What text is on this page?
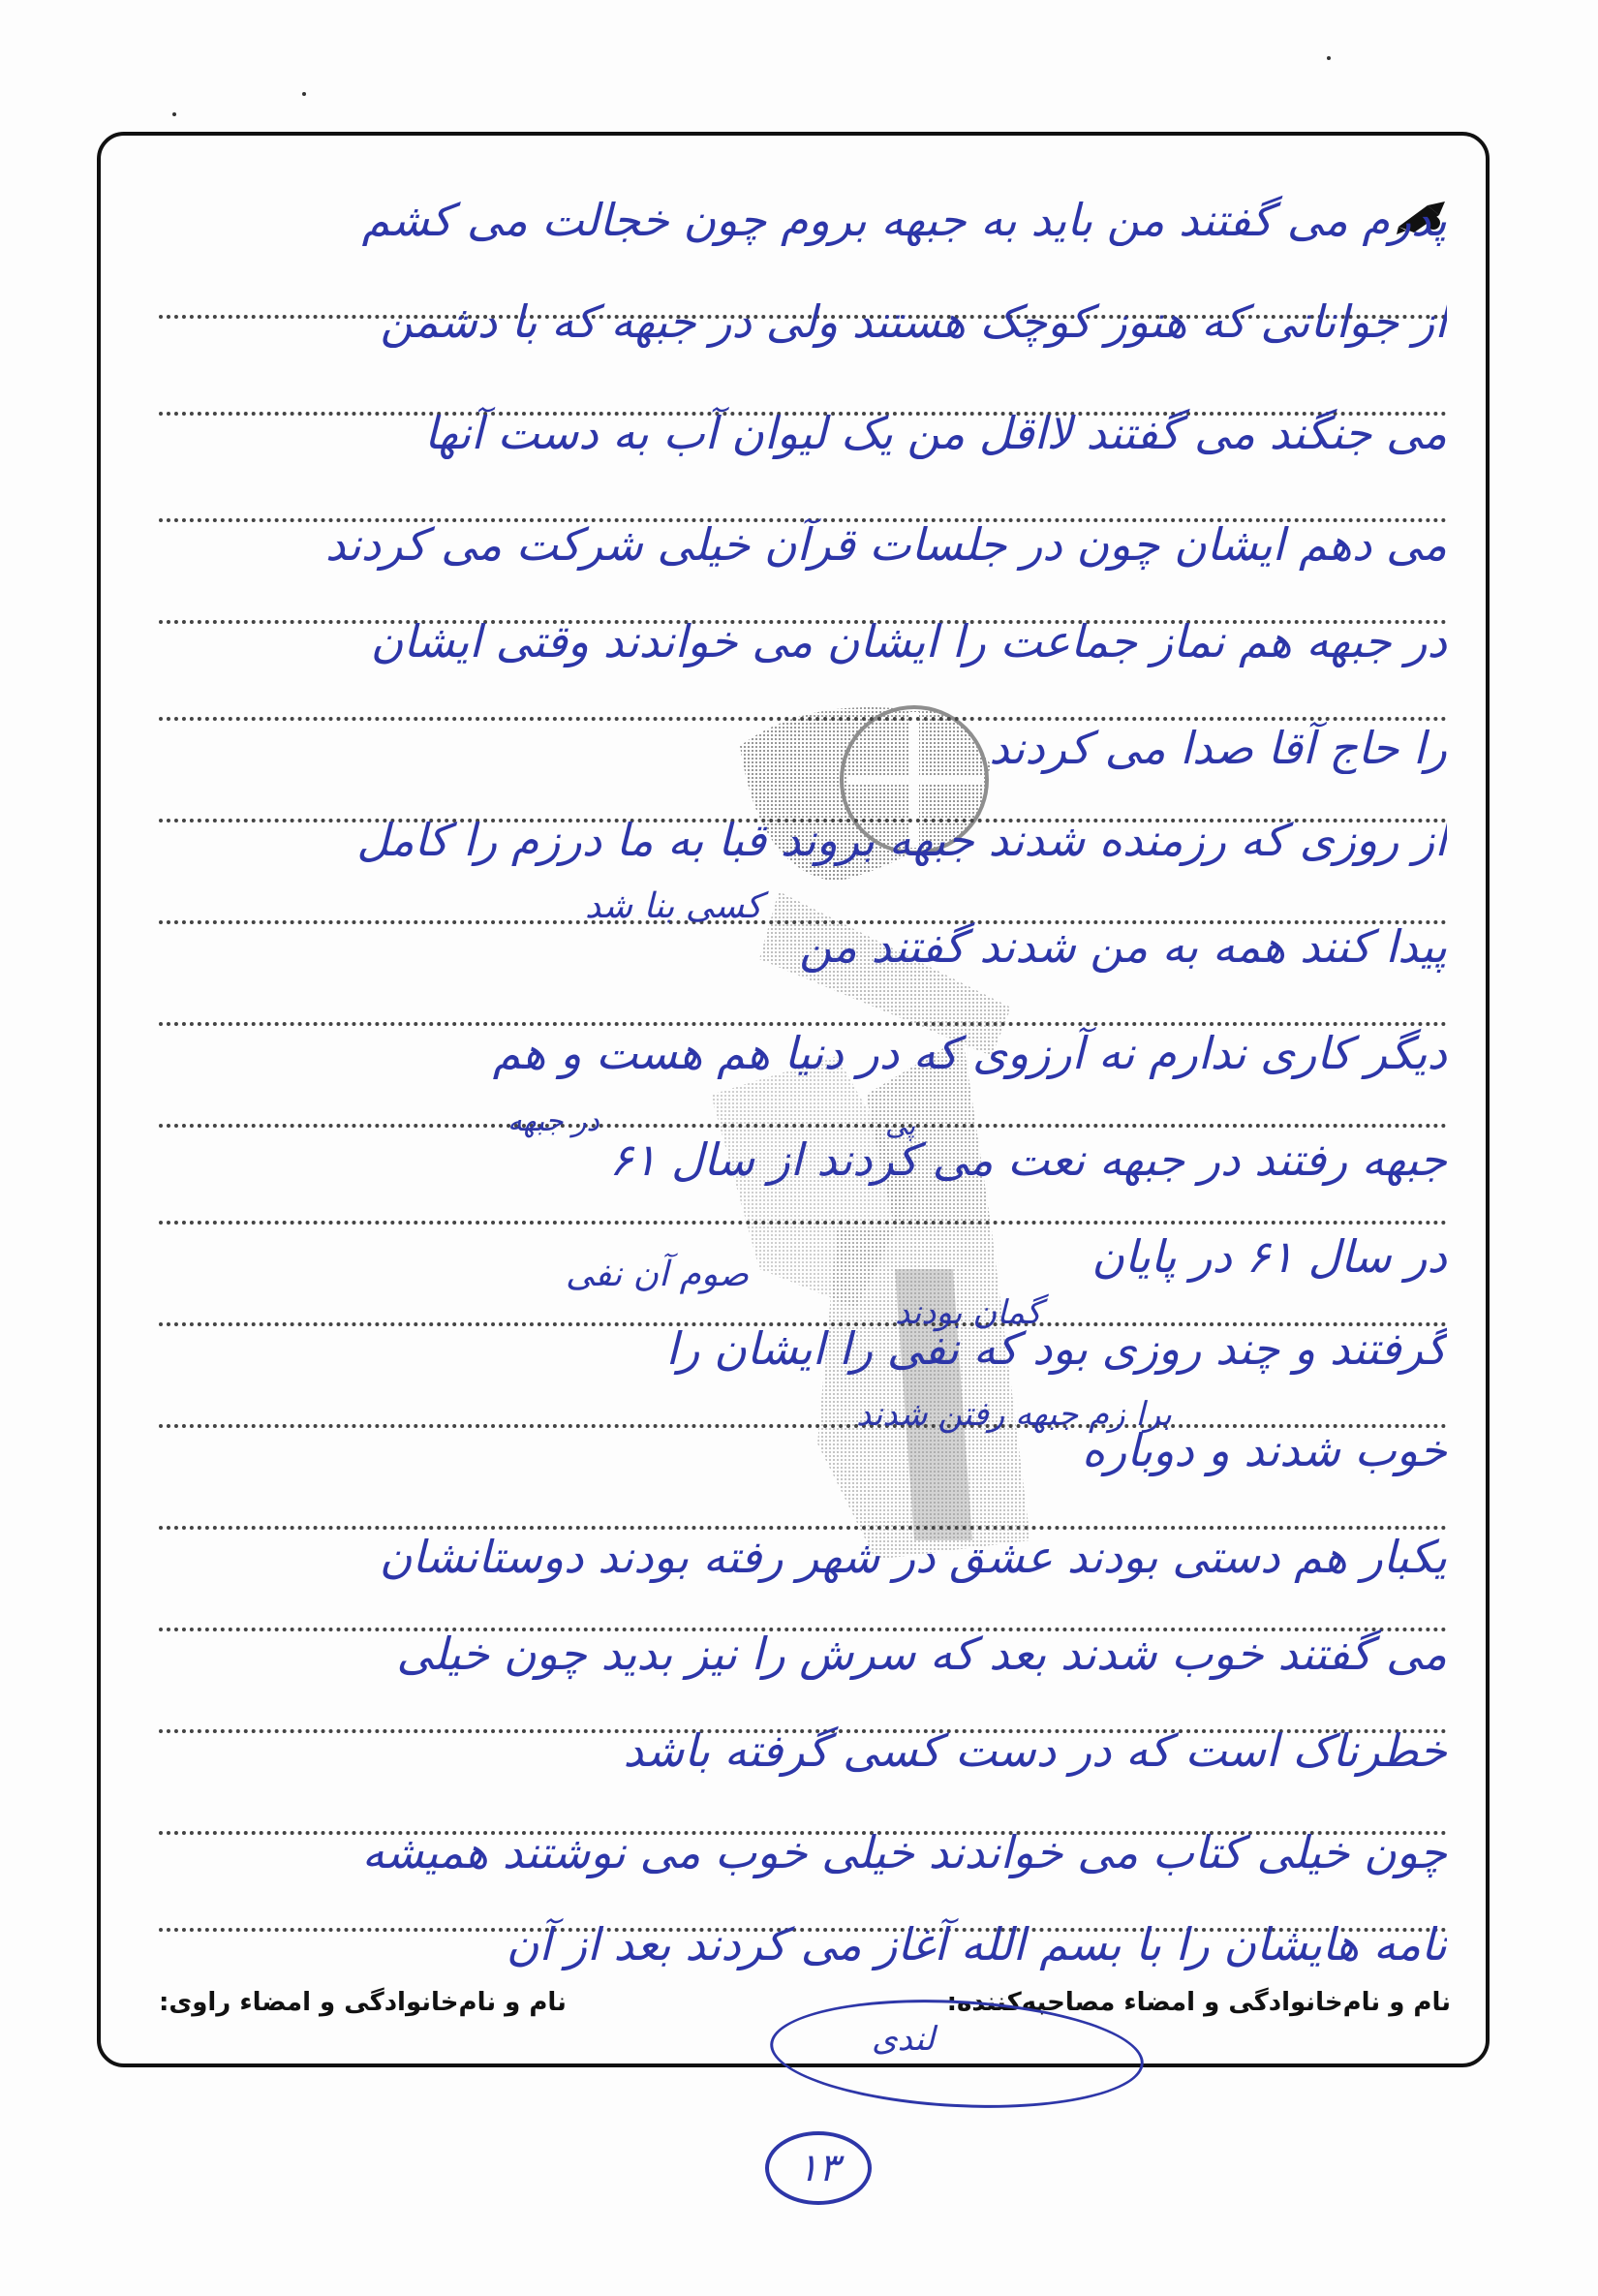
پدرم می گفتند من باید به جبهه بروم چون خجالت می کشم
از جوانانی که هنوز کوچک هستند ولی در جبهه که با دشمن
می جنگند می گفتند لااقل من یک لیوان آب به دست آنها
می دهم ایشان چون در جلسات قرآن خیلی شرکت می کردند
در جبهه هم نماز جماعت را ایشان می خواندند وقتی ایشان
را حاج آقا صدا می کردند
از روزی که رزمنده شدند جبهه بروند قبا به ما درزم را کامل
پیدا کنند همه به من شدند گفتند من
دیگر کاری ندارم نه آرزوی که در دنیا هم هست و هم
جبهه رفتند در جبهه نعت می کردند از سال ۶۱
در سال ۶۱ در پایان
گرفتند و چند روزی بود که نفی را ایشان را
خوب شدند و دوباره
یکبار هم دستی بودند عشق در شهر رفته بودند دوستانشان
می گفتند خوب شدند بعد که سرش را نیز بدید چون خیلی
خطرناک است که در دست کسی گرفته باشد
چون خیلی کتاب می خواندند خیلی خوب می نوشتند همیشه
نامه هایشان را با بسم الله آغاز می کردند بعد از آن
گمان بودند
صوم آن نفی
برا زم جبهه رفتن شدند
در جبهه	پی
کسی بنا شد
نام و نام‌خانوادگی و امضاء مصاحبه‌کننده:
نام و نام‌خانوادگی و امضاء راوی:
لندی
۱۳
